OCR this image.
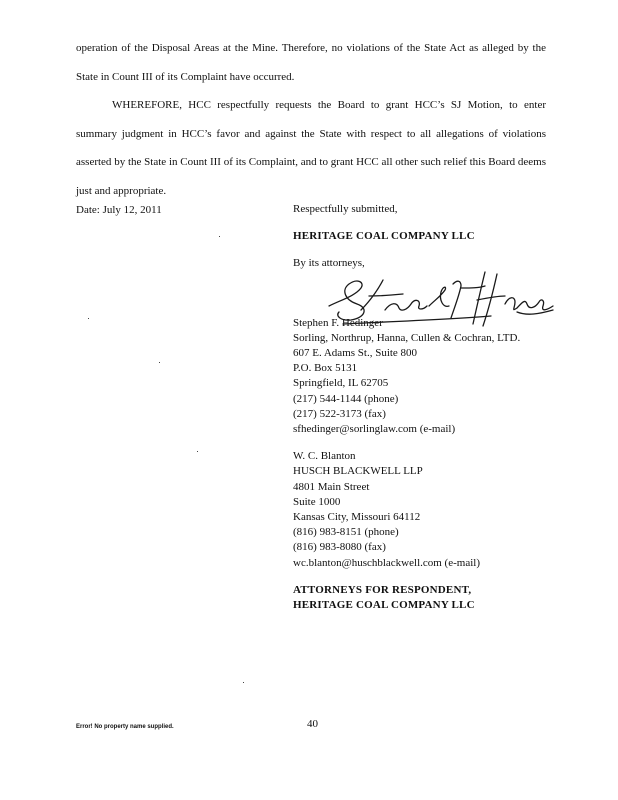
operation of the Disposal Areas at the Mine. Therefore, no violations of the State Act as alleged by the State in Count III of its Complaint have occurred.

WHEREFORE, HCC respectfully requests the Board to grant HCC’s SJ Motion, to enter summary judgment in HCC’s favor and against the State with respect to all allegations of violations asserted by the State in Count III of its Complaint, and to grant HCC all other such relief this Board deems just and appropriate.

Date: July 12, 2011	Respectfully submitted,
HERITAGE COAL COMPANY LLC
By its attorneys,
Stephen F. Hedinger
Sorling, Northrup, Hanna, Cullen & Cochran, LTD.
607 E. Adams St., Suite 800
P.O. Box 5131
Springfield, IL 62705
(217) 544-1144 (phone)
(217) 522-3173 (fax)
sfhedinger@sorlinglaw.com (e-mail)
W. C. Blanton
HUSCH BLACKWELL LLP
4801 Main Street
Suite 1000
Kansas City, Missouri 64112
(816) 983-8151 (phone)
(816) 983-8080 (fax)
wc.blanton@huschblackwell.com (e-mail)
ATTORNEYS FOR RESPONDENT,
HERITAGE COAL COMPANY LLC
Error! No property name supplied.	40
